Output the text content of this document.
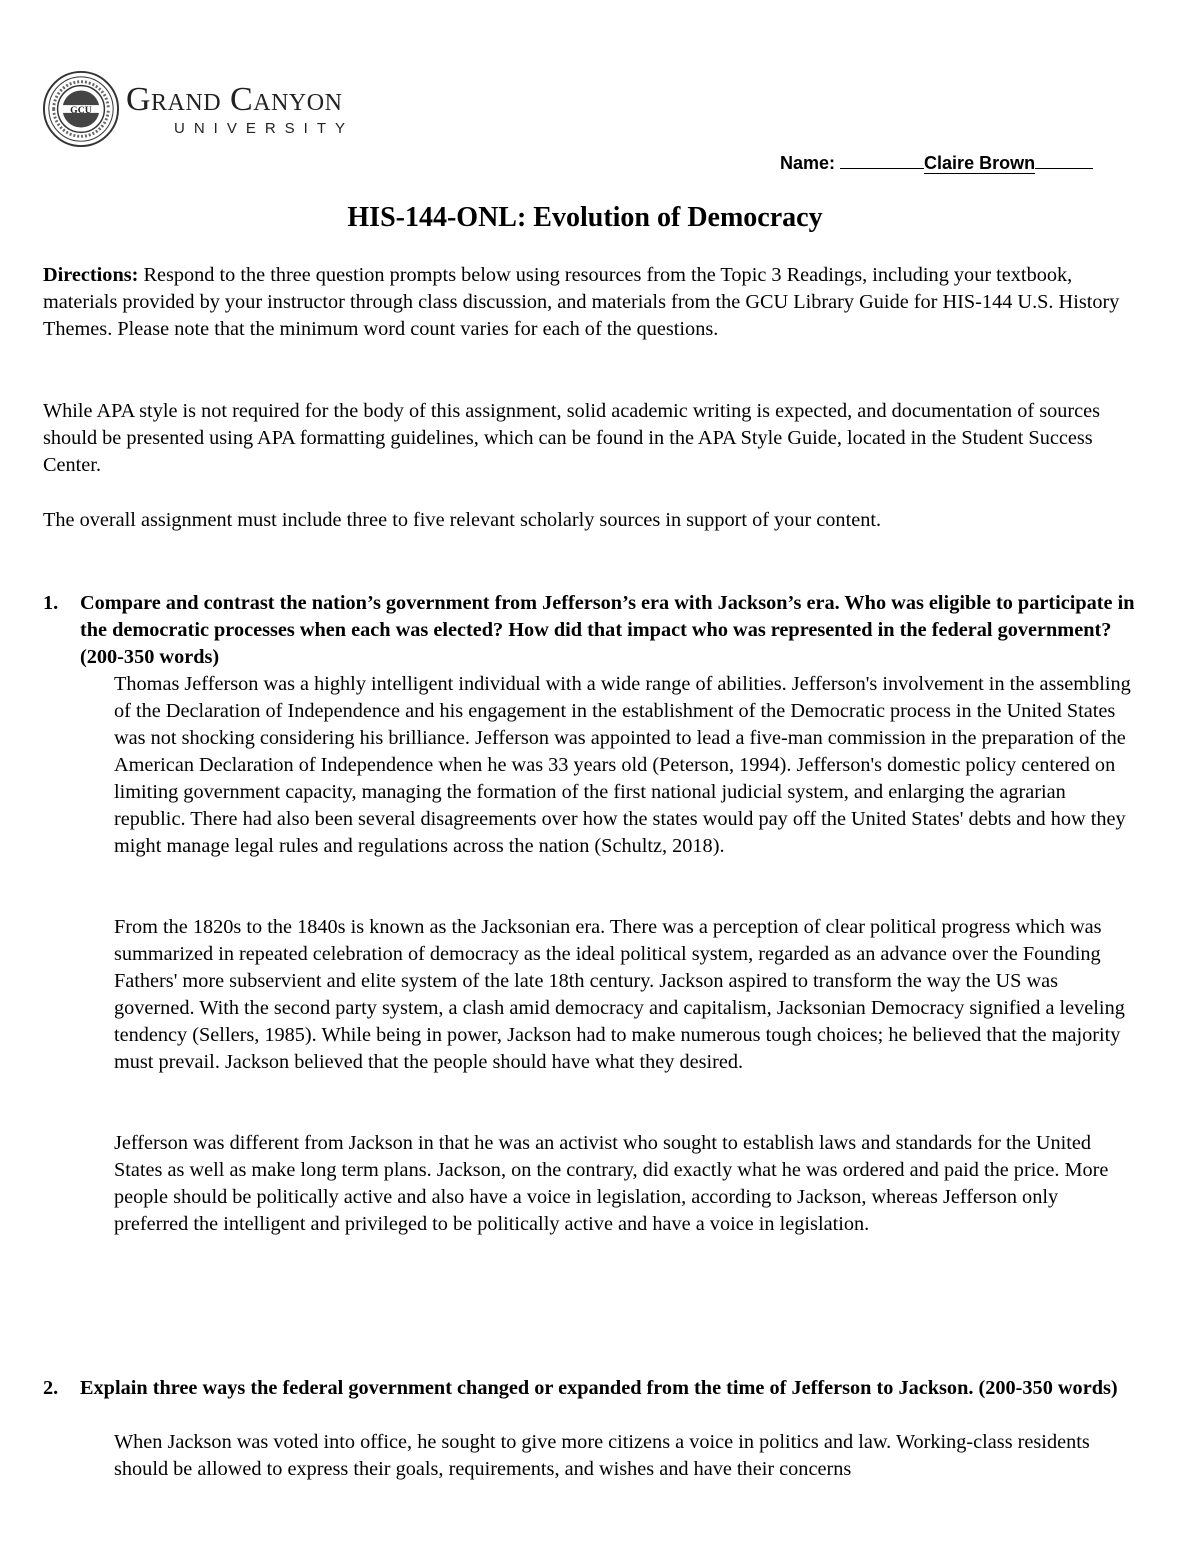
GCU Grand Canyon
UNIVERSITY
Name:	Claire Brown
HIS-144-ONL: Evolution of Democracy

Directions: Respond to the three question prompts below using resources from the Topic 3 Readings, including your textbook, materials provided by your instructor through class discussion, and materials from the GCU Library Guide for HIS-144 U.S. History Themes. Please note that the minimum word count varies for each of the questions.

While APA style is not required for the body of this assignment, solid academic writing is expected, and documentation of sources should be presented using APA formatting guidelines, which can be found in the APA Style Guide, located in the Student Success Center.

The overall assignment must include three to five relevant scholarly sources in support of your content.

1. Compare and contrast the nation’s government from Jefferson’s era with Jackson’s era. Who was eligible to participate in the democratic processes when each was elected? How did that impact who was represented in the federal government? (200-350 words)

Thomas Jefferson was a highly intelligent individual with a wide range of abilities. Jefferson's involvement in the assembling of the Declaration of Independence and his engagement in the establishment of the Democratic process in the United States was not shocking considering his brilliance. Jefferson was appointed to lead a five-man commission in the preparation of the American Declaration of Independence when he was 33 years old (Peterson, 1994). Jefferson's domestic policy centered on limiting government capacity, managing the formation of the first national judicial system, and enlarging the agrarian republic. There had also been several disagreements over how the states would pay off the United States' debts and how they might manage legal rules and regulations across the nation (Schultz, 2018).

From the 1820s to the 1840s is known as the Jacksonian era. There was a perception of clear political progress which was summarized in repeated celebration of democracy as the ideal political system, regarded as an advance over the Founding Fathers' more subservient and elite system of the late 18th century. Jackson aspired to transform the way the US was governed. With the second party system, a clash amid democracy and capitalism, Jacksonian Democracy signified a leveling tendency (Sellers, 1985). While being in power, Jackson had to make numerous tough choices; he believed that the majority must prevail. Jackson believed that the people should have what they desired.

Jefferson was different from Jackson in that he was an activist who sought to establish laws and standards for the United States as well as make long term plans. Jackson, on the contrary, did exactly what he was ordered and paid the price. More people should be politically active and also have a voice in legislation, according to Jackson, whereas Jefferson only preferred the intelligent and privileged to be politically active and have a voice in legislation.

2. Explain three ways the federal government changed or expanded from the time of Jefferson to Jackson. (200-350 words)

When Jackson was voted into office, he sought to give more citizens a voice in politics and law. Working-class residents should be allowed to express their goals, requirements, and wishes and have their concerns
